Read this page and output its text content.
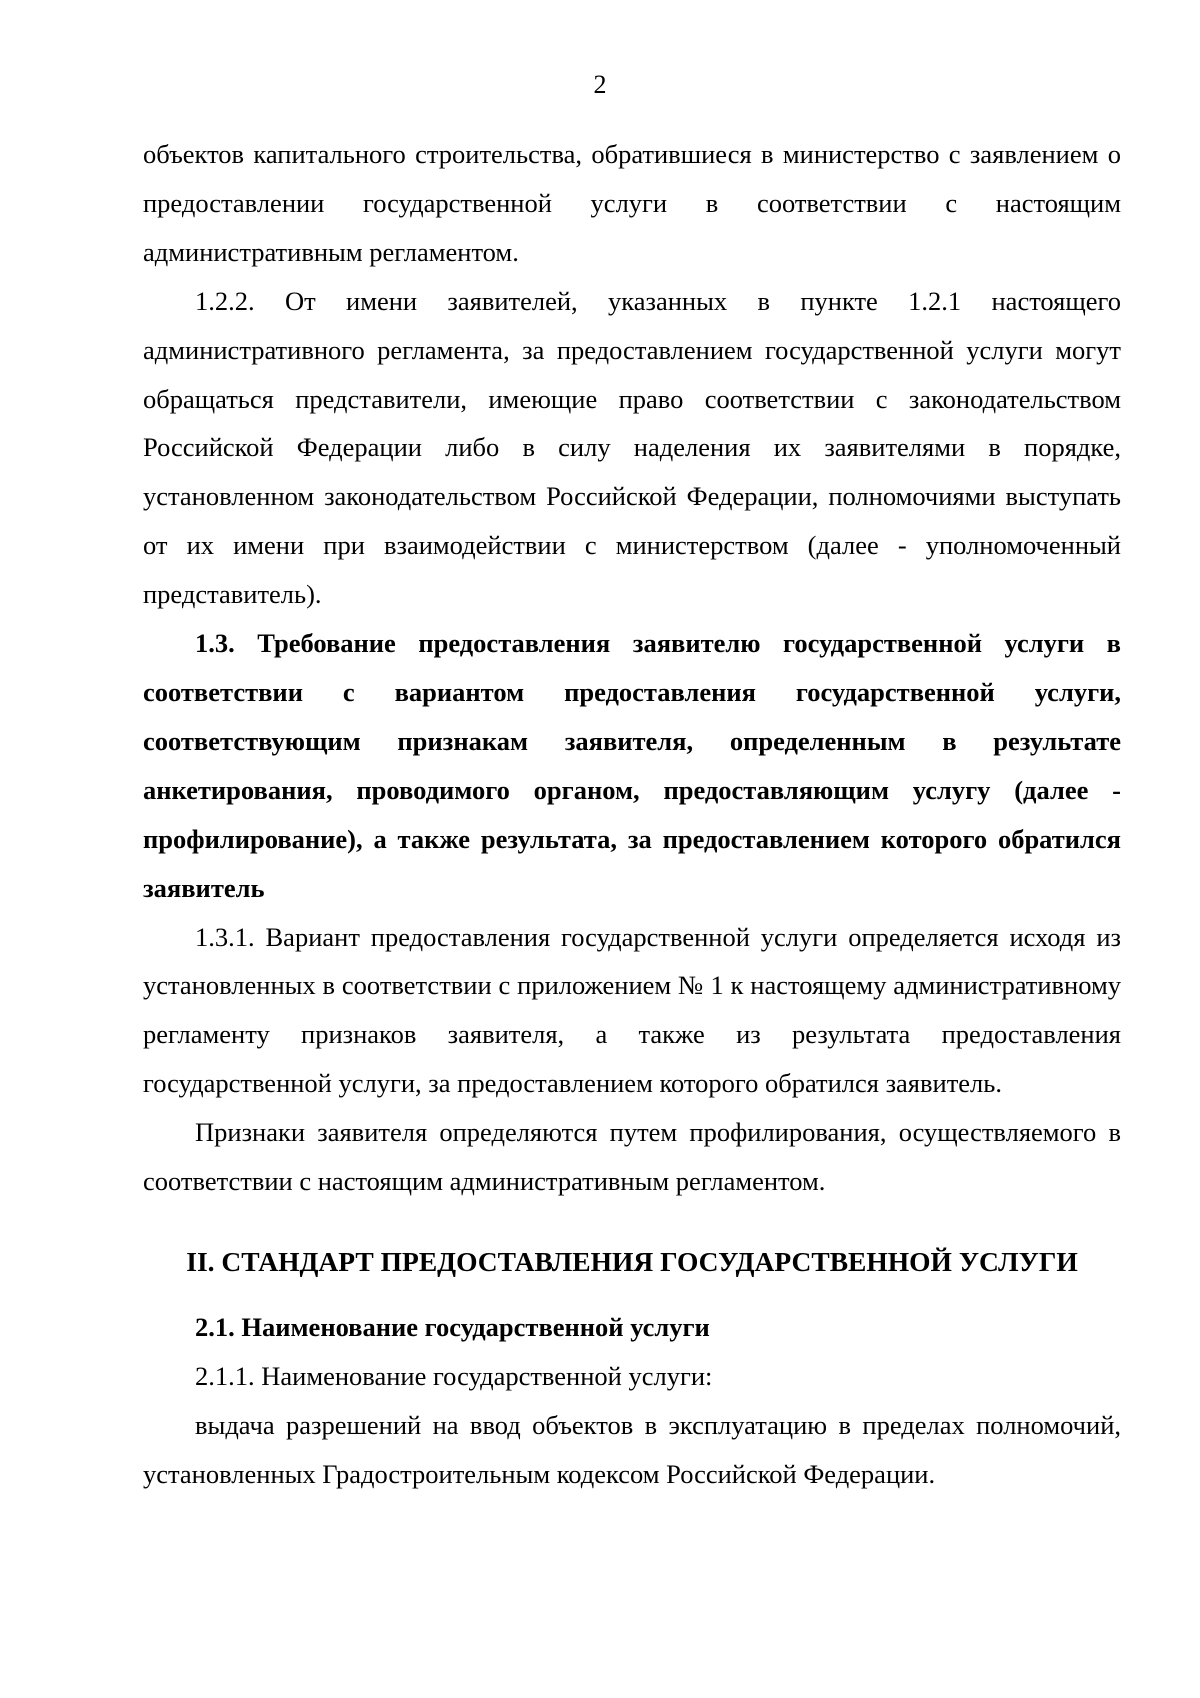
2

объектов капитального строительства, обратившиеся в министерство с заявлением о предоставлении государственной услуги в соответствии с настоящим административным регламентом.

1.2.2. От имени заявителей, указанных в пункте 1.2.1 настоящего административного регламента, за предоставлением государственной услуги могут обращаться представители, имеющие право соответствии с законодательством Российской Федерации либо в силу наделения их заявителями в порядке, установленном законодательством Российской Федерации, полномочиями выступать от их имени при взаимодействии с министерством (далее - уполномоченный представитель).

1.3. Требование предоставления заявителю государственной услуги в соответствии с вариантом предоставления государственной услуги, соответствующим признакам заявителя, определенным в результате анкетирования, проводимого органом, предоставляющим услугу (далее - профилирование), а также результата, за предоставлением которого обратился заявитель

1.3.1. Вариант предоставления государственной услуги определяется исходя из установленных в соответствии с приложением № 1 к настоящему административному регламенту признаков заявителя, а также из результата предоставления государственной услуги, за предоставлением которого обратился заявитель.

Признаки заявителя определяются путем профилирования, осуществляемого в соответствии с настоящим административным регламентом.

II. СТАНДАРТ ПРЕДОСТАВЛЕНИЯ ГОСУДАРСТВЕННОЙ УСЛУГИ

2.1. Наименование государственной услуги

2.1.1. Наименование государственной услуги:

выдача разрешений на ввод объектов в эксплуатацию в пределах полномочий, установленных Градостроительным кодексом Российской Федерации.
